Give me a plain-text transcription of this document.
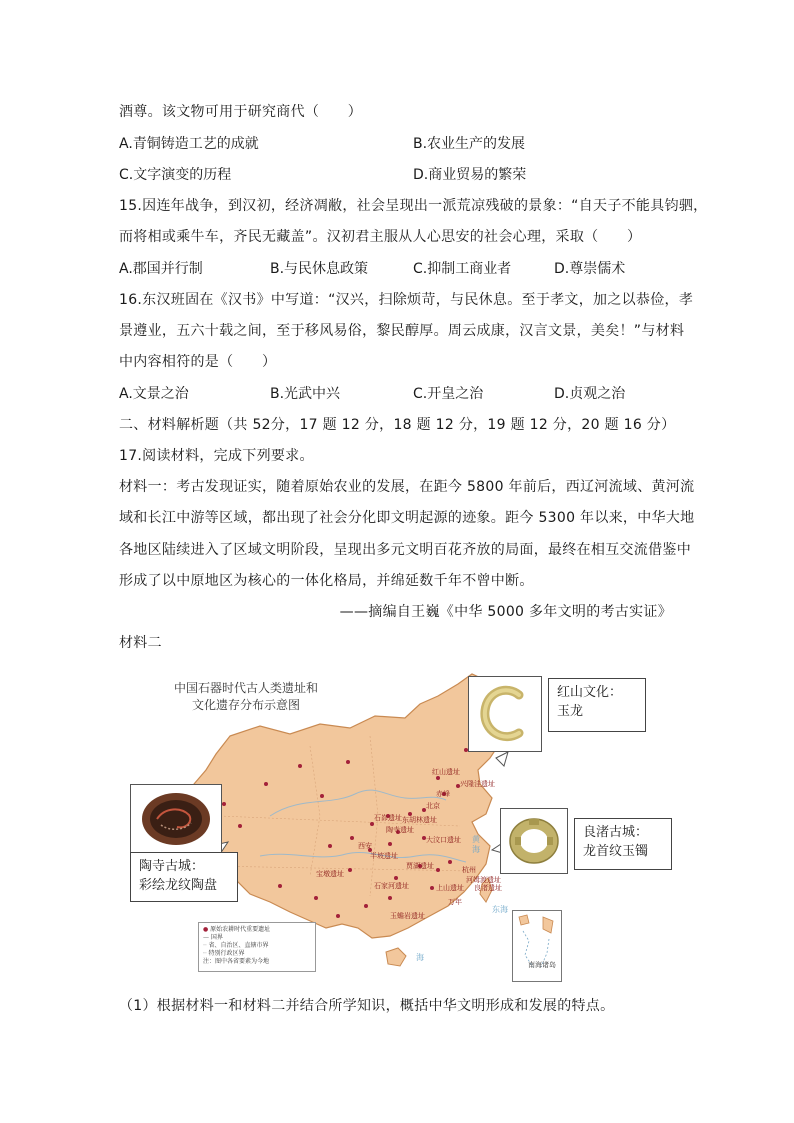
酒尊。该文物可用于研究商代（　　）
A.青铜铸造工艺的成就	B.农业生产的发展
C.文字演变的历程	D.商业贸易的繁荣
15.因连年战争，到汉初，经济凋敝，社会呈现出一派荒凉残破的景象：“自天子不能具钧驷，
而将相或乘牛车，齐民无藏盖”。汉初君主服从人心思安的社会心理，采取（　　）
A.郡国并行制	B.与民休息政策	C.抑制工商业者	D.尊崇儒术
16.东汉班固在《汉书》中写道：“汉兴，扫除烦苛，与民休息。至于孝文，加之以恭俭，孝
景遵业，五六十载之间，至于移风易俗，黎民醇厚。周云成康，汉言文景，美矣！”与材料
中内容相符的是（　　）
A.文景之治	B.光武中兴	C.开皇之治	D.贞观之治
二、材料解析题（共 52分，17 题 12 分，18 题 12 分，19 题 12 分，20 题 16 分）
17.阅读材料，完成下列要求。
材料一：考古发现证实，随着原始农业的发展，在距今 5800 年前后，西辽河流域、黄河流
域和长江中游等区域，都出现了社会分化即文明起源的迹象。距今 5300 年以来，中华大地
各地区陆续进入了区域文明阶段，呈现出多元文明百花齐放的局面，最终在相互交流借鉴中
形成了以中原地区为核心的一体化格局，并绵延数千年不曾中断。
——摘编自王巍《中华 5000 多年文明的考古实证》
材料二
黄
海
东 海
海
中国石器时代古人类遗址和
文化遗存分布示意图
红山文化：
玉龙
陶寺古城：
彩绘龙纹陶盘
良渚古城：
龙首纹玉镯
红山遗址
兴隆洼遗址
赤峰
北京
石峁遗址 东胡林遗址
陶寺遗址
西安
半坡遗址
大汶口遗址
贾湖遗址
宝墩遗址
石家河遗址	上山遗址
河姆渡遗址
良渚遗址
杭州
万年
玉蟾岩遗址
● 原始农耕时代重要遗址
— 国界
┈ 省、自治区、直辖市界
┄ 特别行政区界
注：图中各省要素为今地	南海诸岛
（1）根据材料一和材料二并结合所学知识，概括中华文明形成和发展的特点。
